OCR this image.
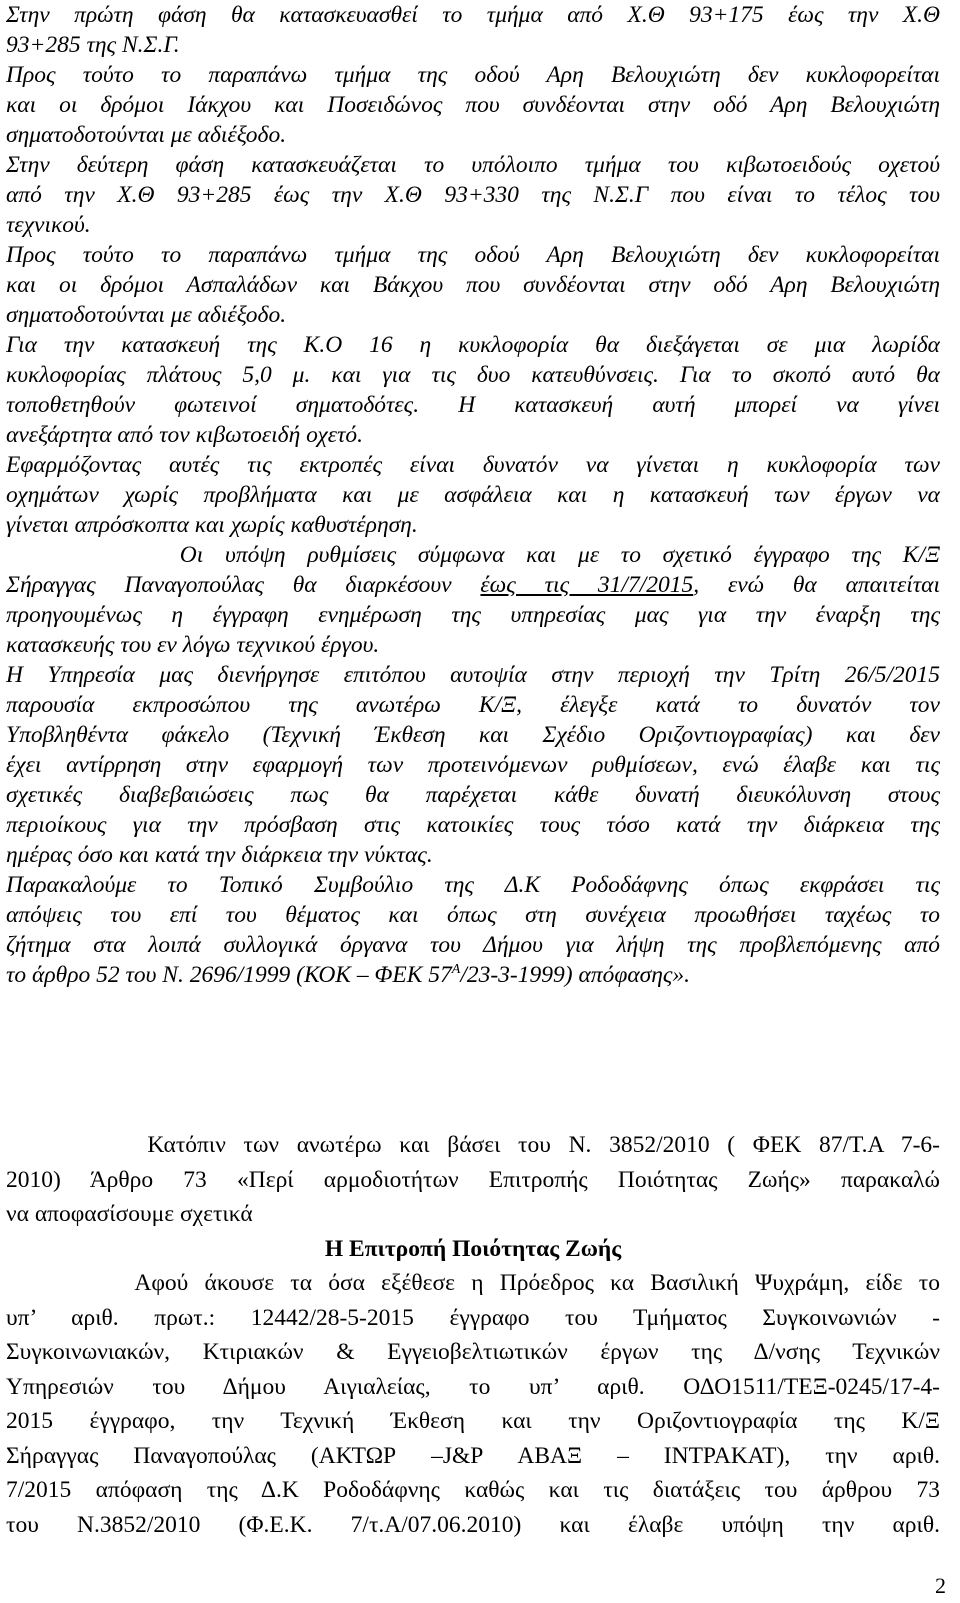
Στην πρώτη φάση θα κατασκευασθεί το τμήμα από Χ.Θ 93+175 έως την Χ.Θ
93+285 της Ν.Σ.Γ.
Προς τούτο το παραπάνω τμήμα της οδού Αρη Βελουχιώτη δεν κυκλοφορείται
και οι δρόμοι Ιάκχου και Ποσειδώνος που συνδέονται στην οδό Αρη Βελουχιώτη
σηματοδοτούνται με αδιέξοδο.
Στην δεύτερη φάση κατασκευάζεται το υπόλοιπο τμήμα του κιβωτοειδούς οχετού
από την Χ.Θ 93+285 έως την Χ.Θ 93+330 της Ν.Σ.Γ που είναι το τέλος του
τεχνικού.
Προς τούτο το παραπάνω τμήμα της οδού Αρη Βελουχιώτη δεν κυκλοφορείται
και οι δρόμοι Ασπαλάδων και Βάκχου που συνδέονται στην οδό Αρη Βελουχιώτη
σηματοδοτούνται με αδιέξοδο.
Για την κατασκευή της Κ.Ο 16 η κυκλοφορία θα διεξάγεται σε μια λωρίδα
κυκλοφορίας πλάτους 5,0 μ. και για τις δυο κατευθύνσεις. Για το σκοπό αυτό θα
τοποθετηθούν φωτεινοί σηματοδότες. Η κατασκευή αυτή μπορεί να γίνει
ανεξάρτητα από τον κιβωτοειδή οχετό.
Εφαρμόζοντας αυτές τις εκτροπές είναι δυνατόν να γίνεται η κυκλοφορία των
οχημάτων χωρίς προβλήματα και με ασφάλεια και η κατασκευή των έργων να
γίνεται απρόσκοπτα και χωρίς καθυστέρηση.
Οι υπόψη ρυθμίσεις σύμφωνα και με το σχετικό έγγραφο της Κ/Ξ
Σήραγγας Παναγοπούλας θα διαρκέσουν έως τις 31/7/2015, ενώ θα απαιτείται
προηγουμένως η έγγραφη ενημέρωση της υπηρεσίας μας για την έναρξη της
κατασκευής του εν λόγω τεχνικού έργου.
Η Υπηρεσία μας διενήργησε επιτόπου αυτοψία στην περιοχή την Τρίτη 26/5/2015
παρουσία εκπροσώπου της ανωτέρω Κ/Ξ, έλεγξε κατά το δυνατόν τον
Υποβληθέντα φάκελο (Τεχνική Έκθεση και Σχέδιο Οριζοντιογραφίας) και δεν
έχει αντίρρηση στην εφαρμογή των προτεινόμενων ρυθμίσεων, ενώ έλαβε και τις
σχετικές διαβεβαιώσεις πως θα παρέχεται κάθε δυνατή διευκόλυνση στους
περιοίκους για την πρόσβαση στις κατοικίες τους τόσο κατά την διάρκεια της
ημέρας όσο και κατά την διάρκεια την νύκτας.
Παρακαλούμε το Τοπικό Συμβούλιο της Δ.Κ Ροδοδάφνης όπως εκφράσει τις
απόψεις του επί του θέματος και όπως στη συνέχεια προωθήσει ταχέως το
ζήτημα στα λοιπά συλλογικά όργανα του Δήμου για λήψη της προβλεπόμενης από
το άρθρο 52 του Ν. 2696/1999 (ΚΟΚ – ΦΕΚ $57^A/23-3-1999$) απόφασης».
Κατόπιν των ανωτέρω και βάσει του Ν. 3852/2010 ( ΦΕΚ 87/Τ.Α 7-6-
2010) Άρθρο 73 «Περί αρμοδιοτήτων Επιτροπής Ποιότητας Ζωής» παρακαλώ
να αποφασίσουμε σχετικά
Η Επιτροπή Ποιότητας Ζωής
Αφού άκουσε τα όσα εξέθεσε η Πρόεδρος κα Βασιλική Ψυχράμη, είδε το
υπ’ αριθ. πρωτ.: 12442/28-5-2015 έγγραφο του Τμήματος Συγκοινωνιών -
Συγκοινωνιακών, Κτιριακών & Εγγειοβελτιωτικών έργων της Δ/νσης Τεχνικών
Υπηρεσιών του Δήμου Αιγιαλείας, το υπ’ αριθ. ΟΔΟ1511/ΤΕΞ-0245/17-4-
2015 έγγραφο, την Τεχνική Έκθεση και την Οριζοντιογραφία της Κ/Ξ
Σήραγγας Παναγοπούλας (ΑΚΤΩΡ –J&P ΑΒΑΞ – ΙΝΤΡΑΚΑΤ), την αριθ.
7/2015 απόφαση της Δ.Κ Ροδοδάφνης καθώς και τις διατάξεις του άρθρου 73
του Ν.3852/2010 (Φ.Ε.Κ. 7/τ.Α/07.06.2010) και έλαβε υπόψη την αριθ.
2
